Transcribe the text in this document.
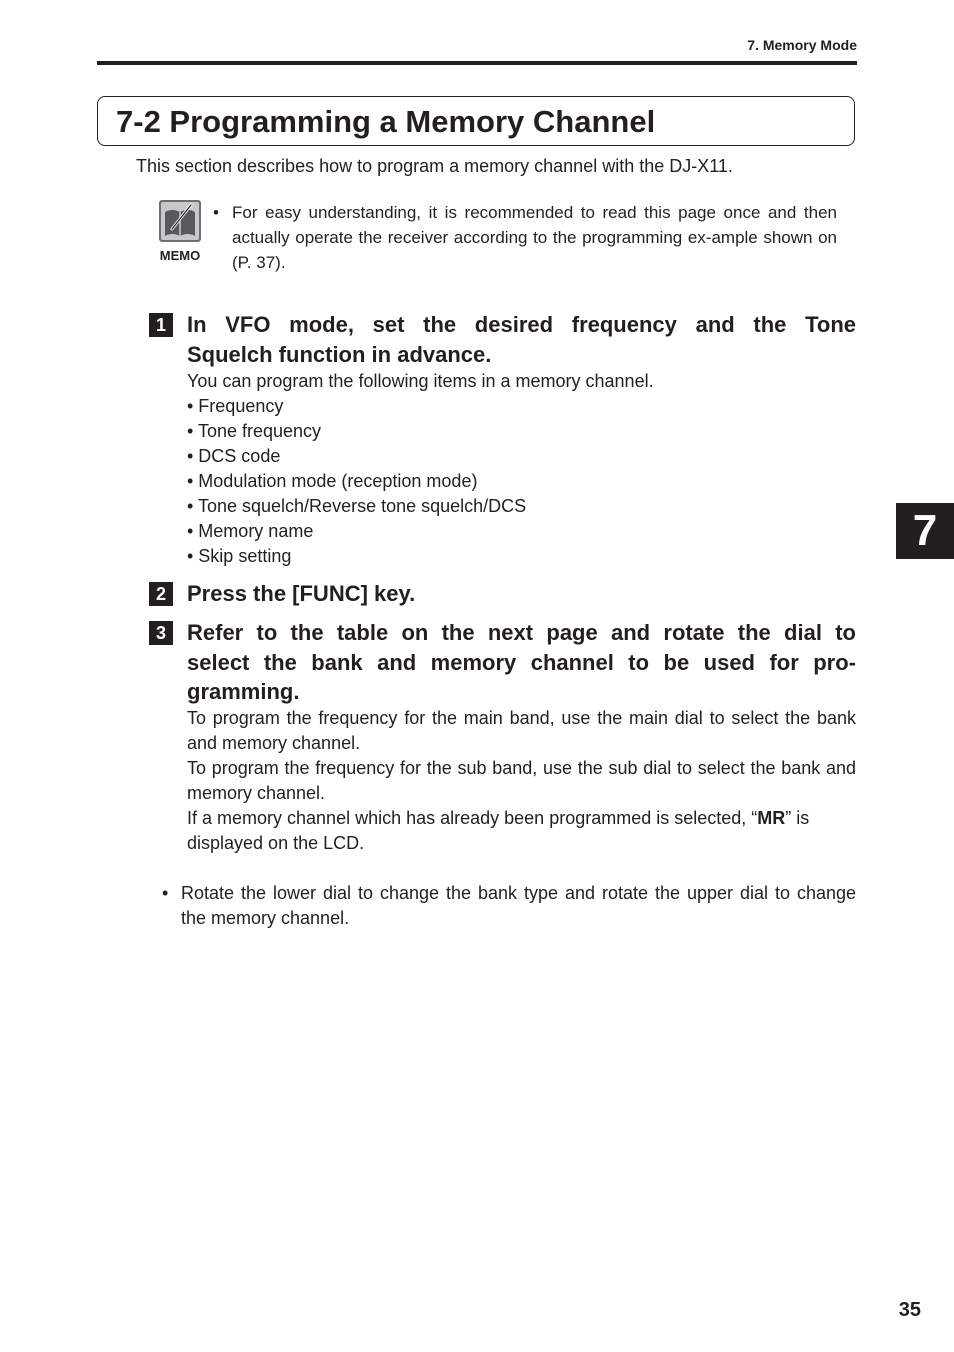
7. Memory Mode
7-2 Programming a Memory Channel
This section describes how to program a memory channel with the DJ-X11.
MEMO
• For easy understanding, it is recommended to read this page once and then actually operate the receiver according to the programming ex-ample shown on (P. 37).
1 In VFO mode, set the desired frequency and the Tone
Squelch function in advance.
You can program the following items in a memory channel.
• Frequency
• Tone frequency
• DCS code
• Modulation mode (reception mode)
• Tone squelch/Reverse tone squelch/DCS
• Memory name
• Skip setting
2 Press the [FUNC] key.
3 Refer to the table on the next page and rotate the dial to
select the bank and memory channel to be used for pro-
gramming.
To program the frequency for the main band, use the main dial to select the bank and memory channel.
To program the frequency for the sub band, use the sub dial to select the bank and memory channel.
If a memory channel which has already been programmed is selected, “MR” is displayed on the LCD.
• Rotate the lower dial to change the bank type and rotate the upper dial to change the memory channel.
7
35
